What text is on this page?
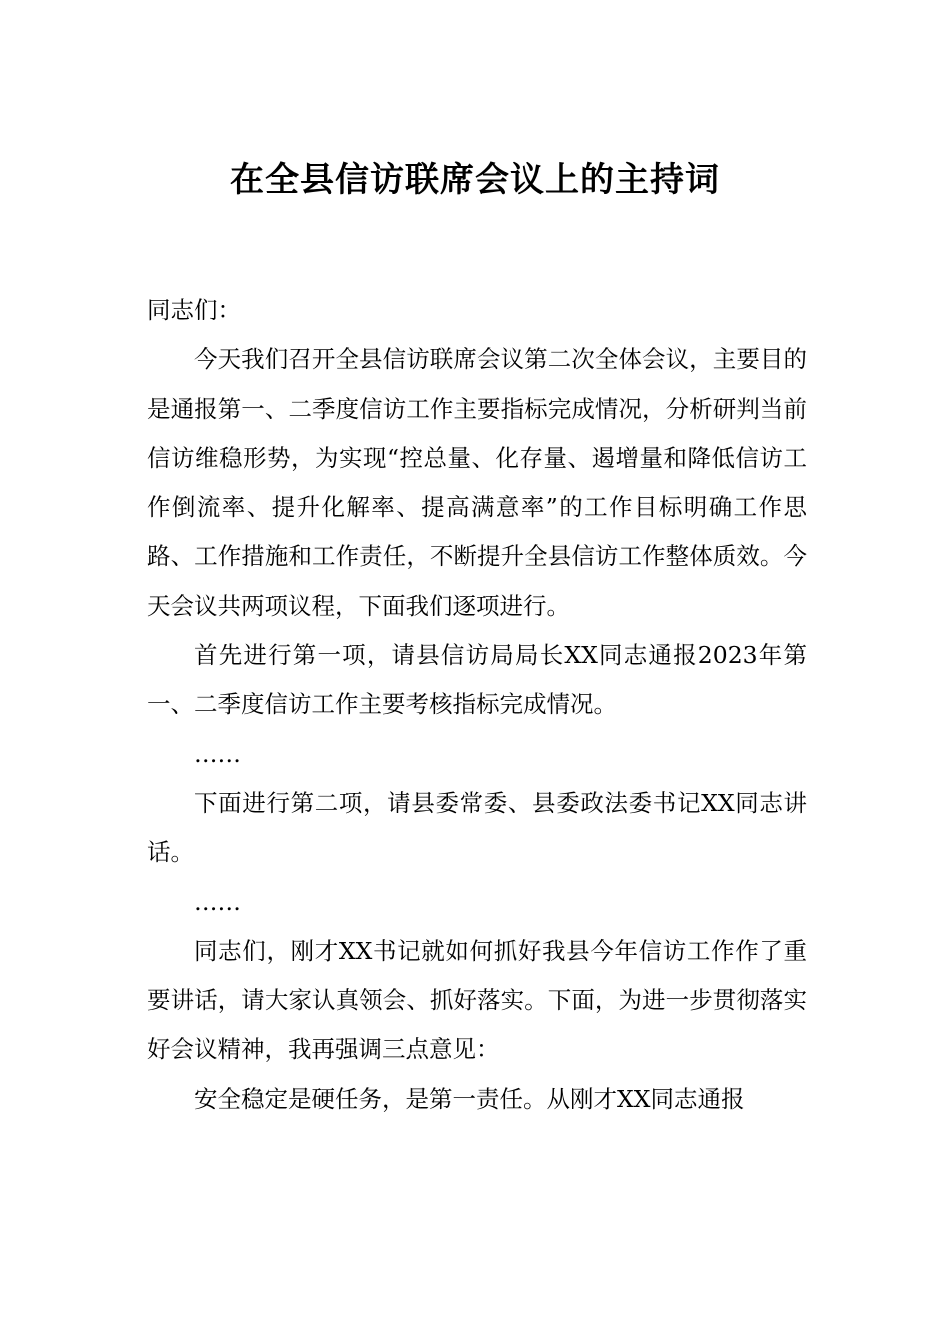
在全县信访联席会议上的主持词

同志们：

今天我们召开全县信访联席会议第二次全体会议，主要目的是通报第一、二季度信访工作主要指标完成情况，分析研判当前信访维稳形势，为实现“控总量、化存量、遏增量和降低信访工作倒流率、提升化解率、提高满意率”的工作目标明确工作思路、工作措施和工作责任，不断提升全县信访工作整体质效。今天会议共两项议程，下面我们逐项进行。

首先进行第一项，请县信访局局长XX同志通报2023年第一、二季度信访工作主要考核指标完成情况。

……

下面进行第二项，请县委常委、县委政法委书记XX同志讲话。

……

同志们，刚才XX书记就如何抓好我县今年信访工作作了重要讲话，请大家认真领会、抓好落实。下面，为进一步贯彻落实好会议精神，我再强调三点意见：

安全稳定是硬任务，是第一责任。从刚才XX同志通报
